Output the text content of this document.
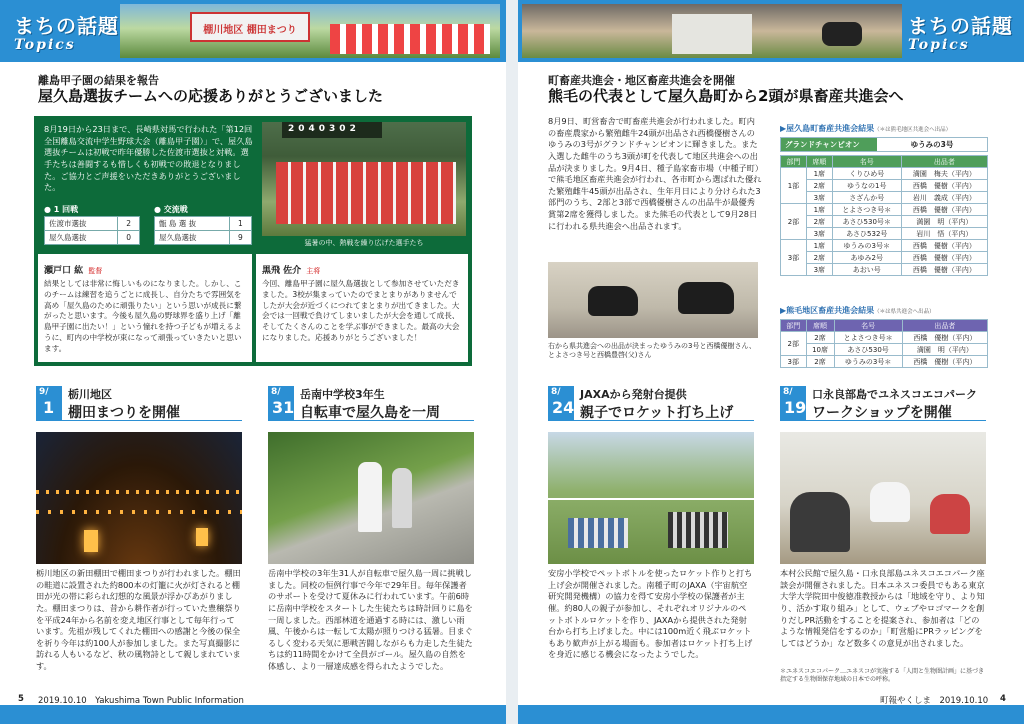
まちの話題
Topics
棚川地区 棚田まつり	まちの話題
Topics
離島甲子園の結果を報告
屋久島選抜チームへの応援ありがとうございました
8月19日から23日まで、長崎県対馬で行われた「第12回全国離島交流中学生野球大会（離島甲子園）」で、屋久島選抜チームは初戦で昨年優勝した佐渡市選抜と対戦。選手たちは善闘するも惜しくも初戦での敗退となりました。ご協力とご声援をいただきありがとうございました。
● 1 回戦
佐渡市選抜	2
屋久島選抜	0
● 交流戦
甑 島 選 抜	1
屋久島選抜	9
2040302
猛暑の中、熱戦を繰り広げた選手たち
瀬戸口 紘 監督
結果としては非常に悔しいものになりました。しかし、このチームは練習を追うごとに成長し、自分たちで雰囲気を高め「屋久島のために頑張りたい」という思いが成長に繋がったと思います。今後も屋久島の野球界を盛り上げ「離島甲子園に出たい！」という憧れを持つ子どもが増えるように、町内の中学校が束になって頑張っていきたいと思います。
黒飛 佐介 主将
今回、離島甲子園に屋久島選抜として参加させていただきました。3校が集まっていたのでまとまりがありませんでしたが大会が近づくにつれてまとまりが出てきました。大会では一回戦で負けてしまいましたが大会を通して成長、そしてたくさんのことを学ぶ事ができました。最高の大会になりました。応援ありがとうございました！
9/
1
栃川地区
棚田まつりを開催
栃川地区の新田棚田で棚田まつりが行われました。棚田の畦道に設置された約800本の灯籠に火が灯されると棚田が光の帯に彩られ幻想的な風景が浮かびあがりました。棚田まつりは、昔から耕作者が行っていた豊穣祭りを平成24年から名前を変え地区行事として毎年行っています。先祖が残してくれた棚田への感謝と今後の保全を祈り今年は約100人が参加しました。また写真撮影に訪れる人もいるなど、秋の風物詩として親しまれています。
8/
31
岳南中学校3年生
自転車で屋久島を一周
岳南中学校の3年生31人が自転車で屋久島一周に挑戦しました。同校の恒例行事で今年で29年目。毎年保護者のサポートを受けて夏休みに行われています。午前6時に岳南中学校をスタートした生徒たちは時計回りに島を一周しました。西部林道を通過する時には、激しい雨風、午後からは一転して太陽が照りつける猛暑。目まぐるしく変わる天気に悪戦苦闘しながらも力走した生徒たちは約11時間をかけて全員がゴール。屋久島の自然を体感し、より一層達成感を得られたようでした。
町畜産共進会・地区畜産共進会を開催
熊毛の代表として屋久島町から2頭が県畜産共進会へ
8月9日、町営畜舎で町畜産共進会が行われました。町内の畜産農家から繁殖雌牛24頭が出品され西橋優樹さんのゆうみの3号がグランドチャンピオンに輝きました。また入選した雌牛のうち3頭が町を代表して地区共進会への出品が決まりました。9月4日、種子島家畜市場（中種子町）で熊毛地区畜産共進会が行われ、各市町から選ばれた優れた繁殖雌牛45頭が出品され、生年月日により分けられた3部門のうち、2部と3部で西橋優樹さんの出品牛が最優秀賞第2席を獲得しました。また熊毛の代表として9月28日に行われる県共進会へ出品されます。
右から県共進会への出品が決まったゆうみの3号と西橋優樹さん、とよさつき号と西橋豊啓(父)さん
▶屋久島町畜産共進会結果（＊は熊毛地区共進会へ出品）
グランドチャンピオン	ゆうみの3号
部門	席順	名号	出品者
1部	1席	くりひめ号	満園　梅夫（平内）
	2席	ゆうなの1号	西橋　優樹（平内）
	3席	さざんか号	岩川　義成（平内）
2部	1席	とよさつき号＊	西橋　優樹（平内）
	2席	あさひ530号＊	満園　明（平内）
	3席	あさひ532号	岩川　悟（平内）
3部	1席	ゆうみの3号＊	西橋　優樹（平内）
	2席	あゆみ2号	西橋　優樹（平内）
	3席	あおい号	西橋　優樹（平内）
▶熊毛地区畜産共進会結果（＊は県共進会へ出品）
部門	席順	名号	出品者
2部	2席	とよさつき号＊	西橋　優樹（平内）
	10席	あさひ530号	満園　明（平内）
3部	2席	ゆうみの3号＊	西橋　優樹（平内）
8/
24
JAXAから発射台提供
親子でロケット打ち上げ
安房小学校でペットボトルを使ったロケット作りと打ち上げ会が開催されました。南種子町のJAXA（宇宙航空研究開発機構）の協力を得て安房小学校の保護者が主催。約80人の親子が参加し、それぞれオリジナルのペットボトルロケットを作り、JAXAから提供された発射台から打ち上げました。中には100m近く飛ぶロケットもあり歓声が上がる場面も。参加者はロケット打ち上げを身近に感じる機会になったようでした。
8/
19
口永良部島でユネスコエコパーク
ワークショップを開催
本村公民館で屋久島・口永良部島ユネスコエコパーク座談会が開催されました。日本ユネスコ委員でもある東京大学大学院田中俊徳准教授からは「地域を守り、より知り、活かす取り組み」として、ウェブやロゴマークを創りだしPR活動をすることを提案され、参加者は「どのような情報発信をするのか」「町営船にPRラッピングをしてはどうか」など数多くの意見が出されました。
＊ユネスコエコパーク…ユネスコが実施する「人間と生物圏計画」に基づき指定する生物圏保存地域の日本での呼称。
5 2019.10.10　Yakushima Town Public Information	町報やくしま　2019.10.10 4
